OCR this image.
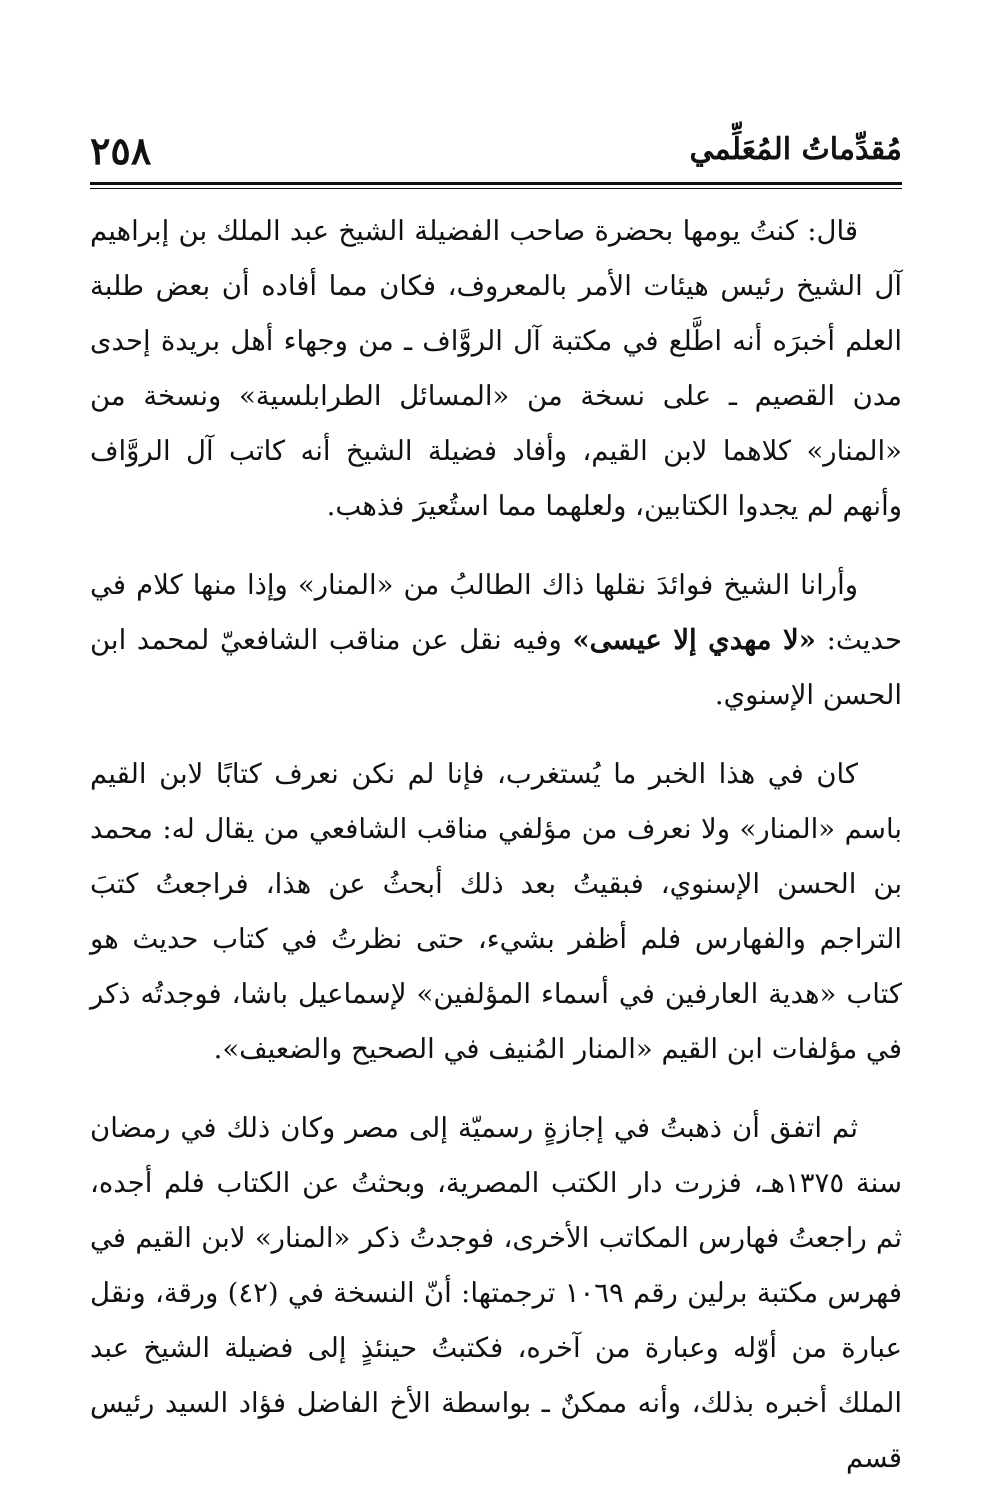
مُقدِّماتُ المُعَلِّمي
٢٥٨

قال: كنتُ يومها بحضرة صاحب الفضيلة الشيخ عبد الملك بن إبراهيم آل الشيخ رئيس هيئات الأمر بالمعروف، فكان مما أفاده أن بعض طلبة العلم أخبرَه أنه اطَّلع في مكتبة آل الروَّاف ـ من وجهاء أهل بريدة إحدى مدن القصيم ـ على نسخة من «المسائل الطرابلسية» ونسخة من «المنار» كلاهما لابن القيم، وأفاد فضيلة الشيخ أنه كاتب آل الروَّاف وأنهم لم يجدوا الكتابين، ولعلهما مما استُعيرَ فذهب.

وأرانا الشيخ فوائدَ نقلها ذاك الطالبُ من «المنار» وإذا منها كلام في حديث: «لا مهدي إلا عيسى» وفيه نقل عن مناقب الشافعيّ لمحمد ابن الحسن الإسنوي.

كان في هذا الخبر ما يُستغرب، فإنا لم نكن نعرف كتابًا لابن القيم باسم «المنار» ولا نعرف من مؤلفي مناقب الشافعي من يقال له: محمد بن الحسن الإسنوي، فبقيتُ بعد ذلك أبحثُ عن هذا، فراجعتُ كتبَ التراجم والفهارس فلم أظفر بشيء، حتى نظرتُ في كتاب حديث هو كتاب «هدية العارفين في أسماء المؤلفين» لإسماعيل باشا، فوجدتُه ذكر في مؤلفات ابن القيم «المنار المُنيف في الصحيح والضعيف».

ثم اتفق أن ذهبتُ في إجازةٍ رسميّة إلى مصر وكان ذلك في رمضان سنة ١٣٧٥هـ، فزرت دار الكتب المصرية، وبحثتُ عن الكتاب فلم أجده، ثم راجعتُ فهارس المكاتب الأخرى، فوجدتُ ذكر «المنار» لابن القيم في فهرس مكتبة برلين رقم ١٠٦٩ ترجمتها: أنّ النسخة في (٤٢) ورقة، ونقل عبارة من أوّله وعبارة من آخره، فكتبتُ حينئذٍ إلى فضيلة الشيخ عبد الملك أخبره بذلك، وأنه ممكنٌ ـ بواسطة الأخ الفاضل فؤاد السيد رئيس قسم
